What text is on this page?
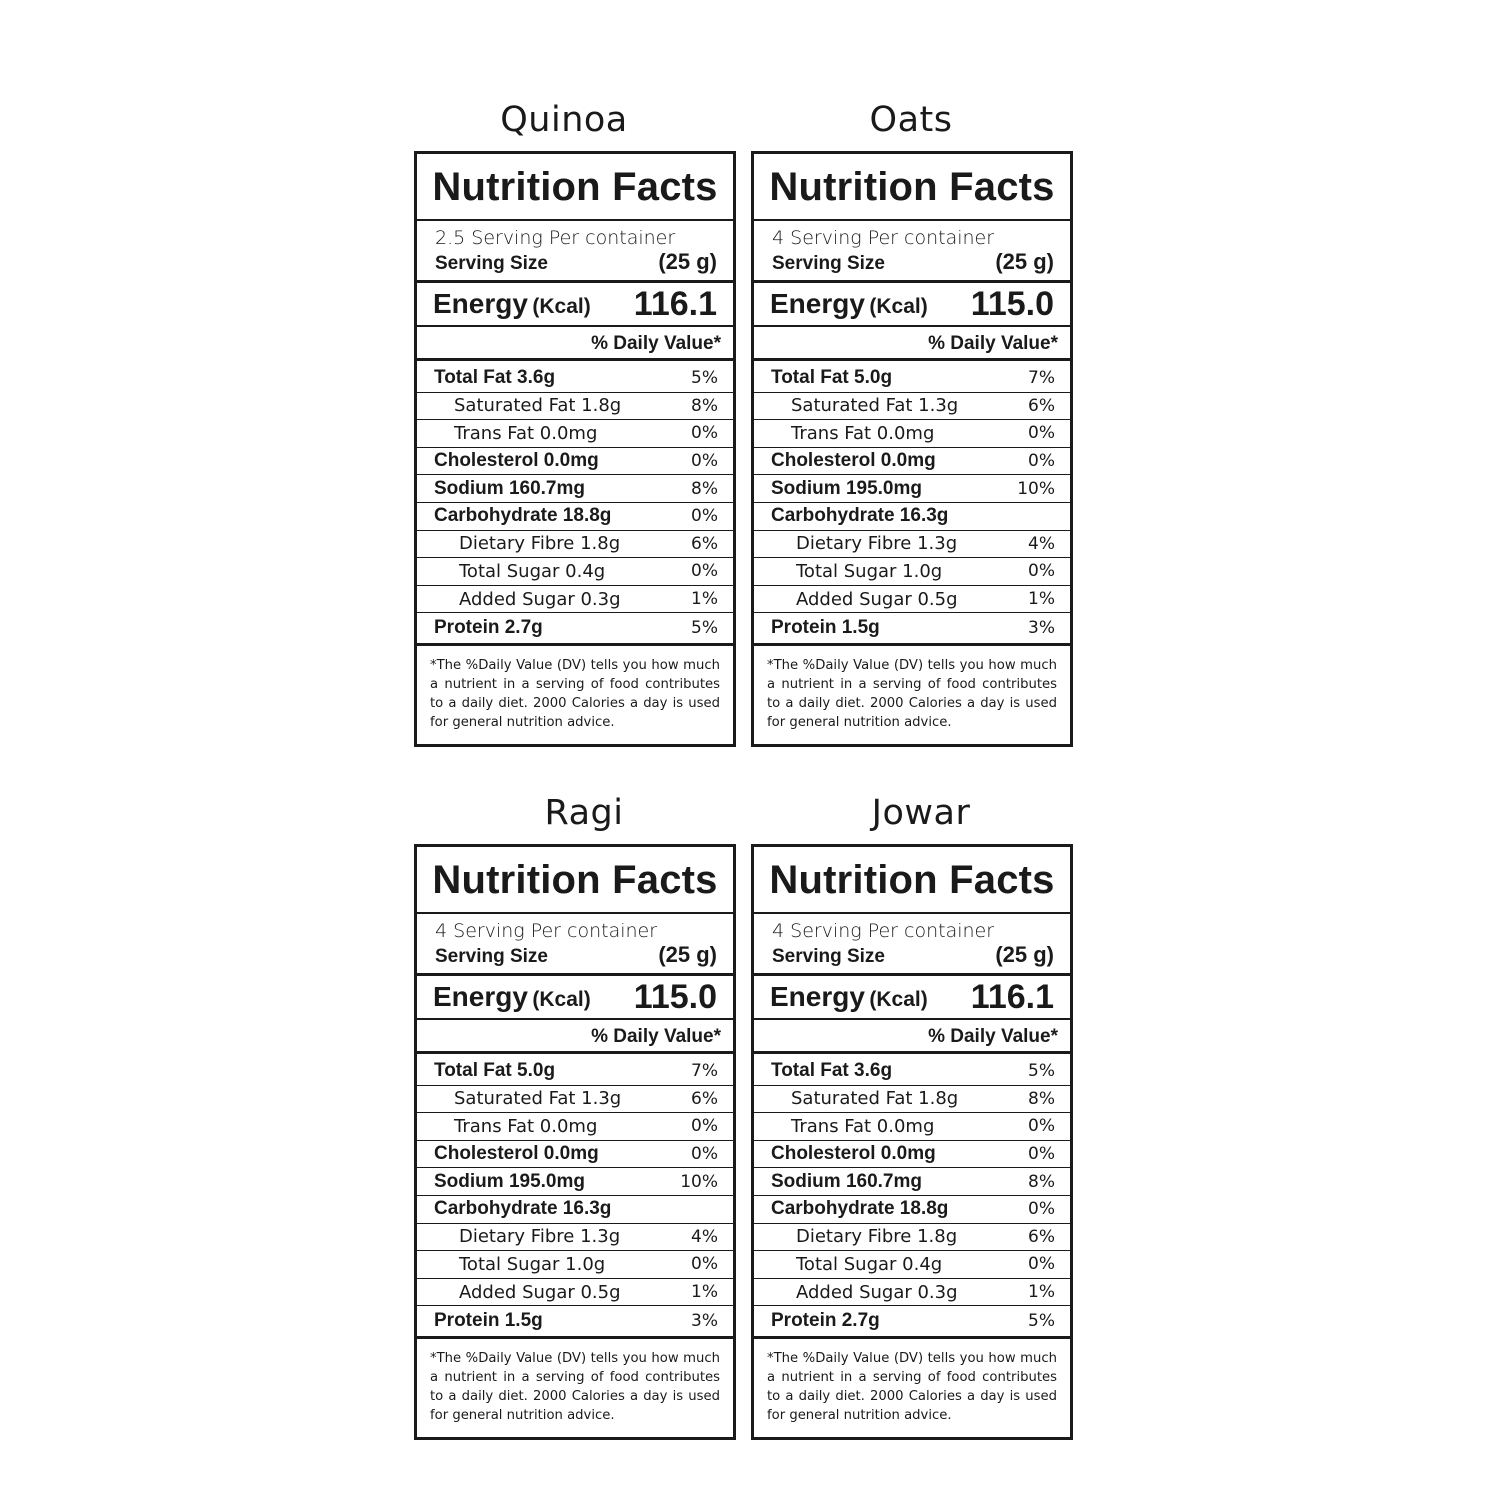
Quinoa
Nutrition Facts
2.5 Serving Per container
Serving Size	(25 g)
Energy (Kcal) 116.1
% Daily Value*
Total Fat 3.6g	5%
Saturated Fat 1.8g	8%
Trans Fat 0.0mg	0%
Cholesterol 0.0mg	0%
Sodium 160.7mg	8%
Carbohydrate 18.8g	0%
Dietary Fibre 1.8g	6%
Total Sugar 0.4g	0%
Added Sugar 0.3g	1%
Protein 2.7g	5%
*The %Daily Value (DV) tells you how much a nutrient in a serving of food contributes to a daily diet. 2000 Calories a day is used for general nutrition advice.
Oats
Nutrition Facts
4 Serving Per container
Serving Size	(25 g)
Energy (Kcal) 115.0
% Daily Value*
Total Fat 5.0g	7%
Saturated Fat 1.3g	6%
Trans Fat 0.0mg	0%
Cholesterol 0.0mg	0%
Sodium 195.0mg	10%
Carbohydrate 16.3g
Dietary Fibre 1.3g	4%
Total Sugar 1.0g	0%
Added Sugar 0.5g	1%
Protein 1.5g	3%
*The %Daily Value (DV) tells you how much a nutrient in a serving of food contributes to a daily diet. 2000 Calories a day is used for general nutrition advice.
Ragi
Nutrition Facts
4 Serving Per container
Serving Size	(25 g)
Energy (Kcal) 115.0
% Daily Value*
Total Fat 5.0g	7%
Saturated Fat 1.3g	6%
Trans Fat 0.0mg	0%
Cholesterol 0.0mg	0%
Sodium 195.0mg	10%
Carbohydrate 16.3g
Dietary Fibre 1.3g	4%
Total Sugar 1.0g	0%
Added Sugar 0.5g	1%
Protein 1.5g	3%
*The %Daily Value (DV) tells you how much a nutrient in a serving of food contributes to a daily diet. 2000 Calories a day is used for general nutrition advice.
Jowar
Nutrition Facts
4 Serving Per container
Serving Size	(25 g)
Energy (Kcal) 116.1
% Daily Value*
Total Fat 3.6g	5%
Saturated Fat 1.8g	8%
Trans Fat 0.0mg	0%
Cholesterol 0.0mg	0%
Sodium 160.7mg	8%
Carbohydrate 18.8g	0%
Dietary Fibre 1.8g	6%
Total Sugar 0.4g	0%
Added Sugar 0.3g	1%
Protein 2.7g	5%
*The %Daily Value (DV) tells you how much a nutrient in a serving of food contributes to a daily diet. 2000 Calories a day is used for general nutrition advice.
